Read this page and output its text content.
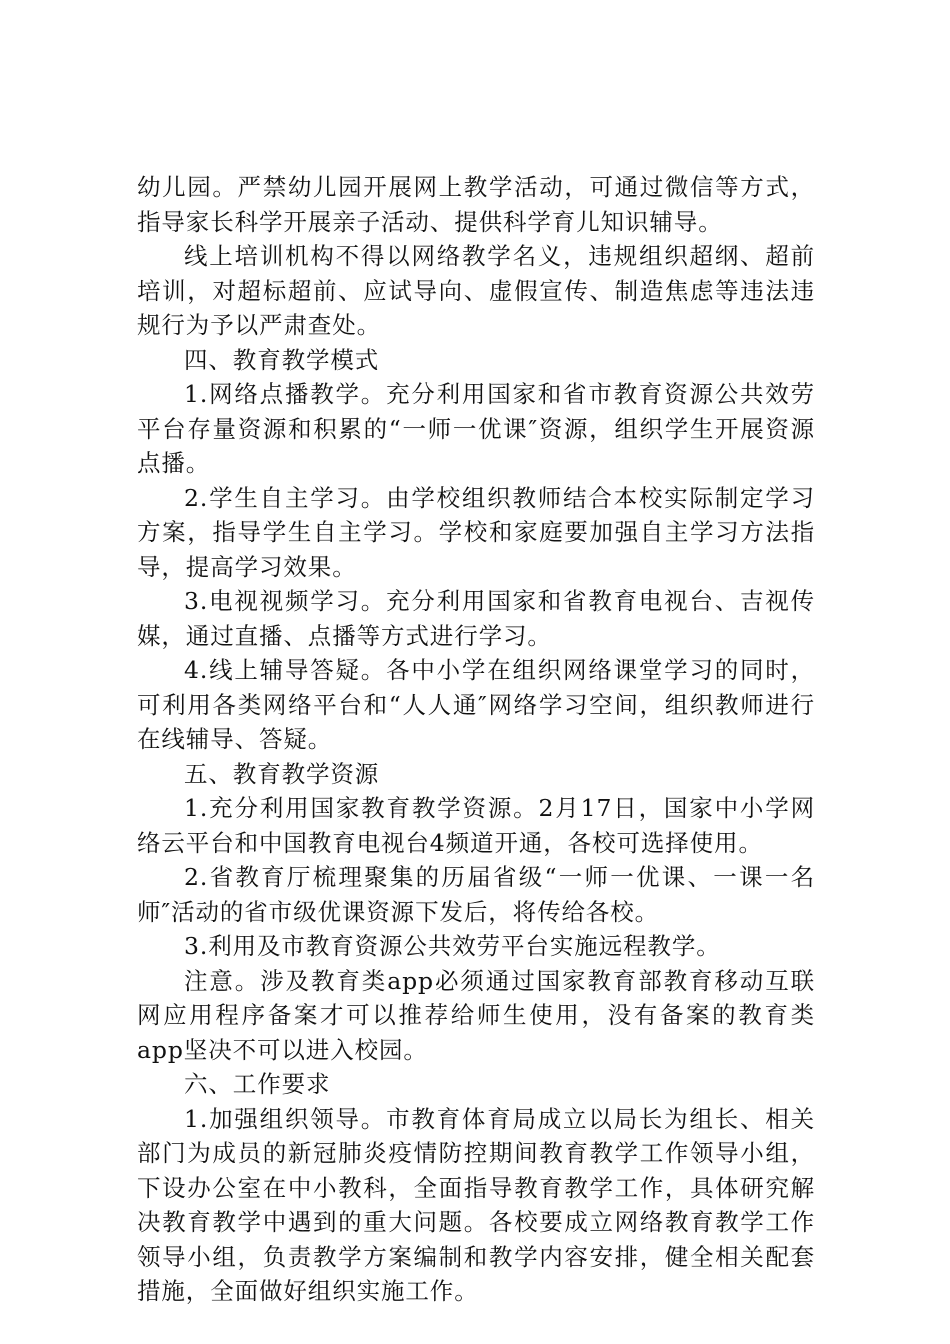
幼儿园。严禁幼儿园开展网上教学活动，可通过微信等方式，指导家长科学开展亲子活动、提供科学育儿知识辅导。

线上培训机构不得以网络教学名义，违规组织超纲、超前培训，对超标超前、应试导向、虚假宣传、制造焦虑等违法违规行为予以严肃查处。

四、教育教学模式

1.网络点播教学。充分利用国家和省市教育资源公共效劳平台存量资源和积累的“一师一优课″资源，组织学生开展资源点播。

2.学生自主学习。由学校组织教师结合本校实际制定学习方案，指导学生自主学习。学校和家庭要加强自主学习方法指导，提高学习效果。

3.电视视频学习。充分利用国家和省教育电视台、吉视传媒，通过直播、点播等方式进行学习。

4.线上辅导答疑。各中小学在组织网络课堂学习的同时，可利用各类网络平台和“人人通″网络学习空间，组织教师进行在线辅导、答疑。

五、教育教学资源

1.充分利用国家教育教学资源。2月17日，国家中小学网络云平台和中国教育电视台4频道开通，各校可选择使用。

2.省教育厅梳理聚集的历届省级“一师一优课、一课一名师″活动的省市级优课资源下发后，将传给各校。

3.利用及市教育资源公共效劳平台实施远程教学。

注意。涉及教育类app必须通过国家教育部教育移动互联网应用程序备案才可以推荐给师生使用，没有备案的教育类app坚决不可以进入校园。

六、工作要求

1.加强组织领导。市教育体育局成立以局长为组长、相关部门为成员的新冠肺炎疫情防控期间教育教学工作领导小组，下设办公室在中小教科，全面指导教育教学工作，具体研究解决教育教学中遇到的重大问题。各校要成立网络教育教学工作领导小组，负责教学方案编制和教学内容安排，健全相关配套措施，全面做好组织实施工作。
